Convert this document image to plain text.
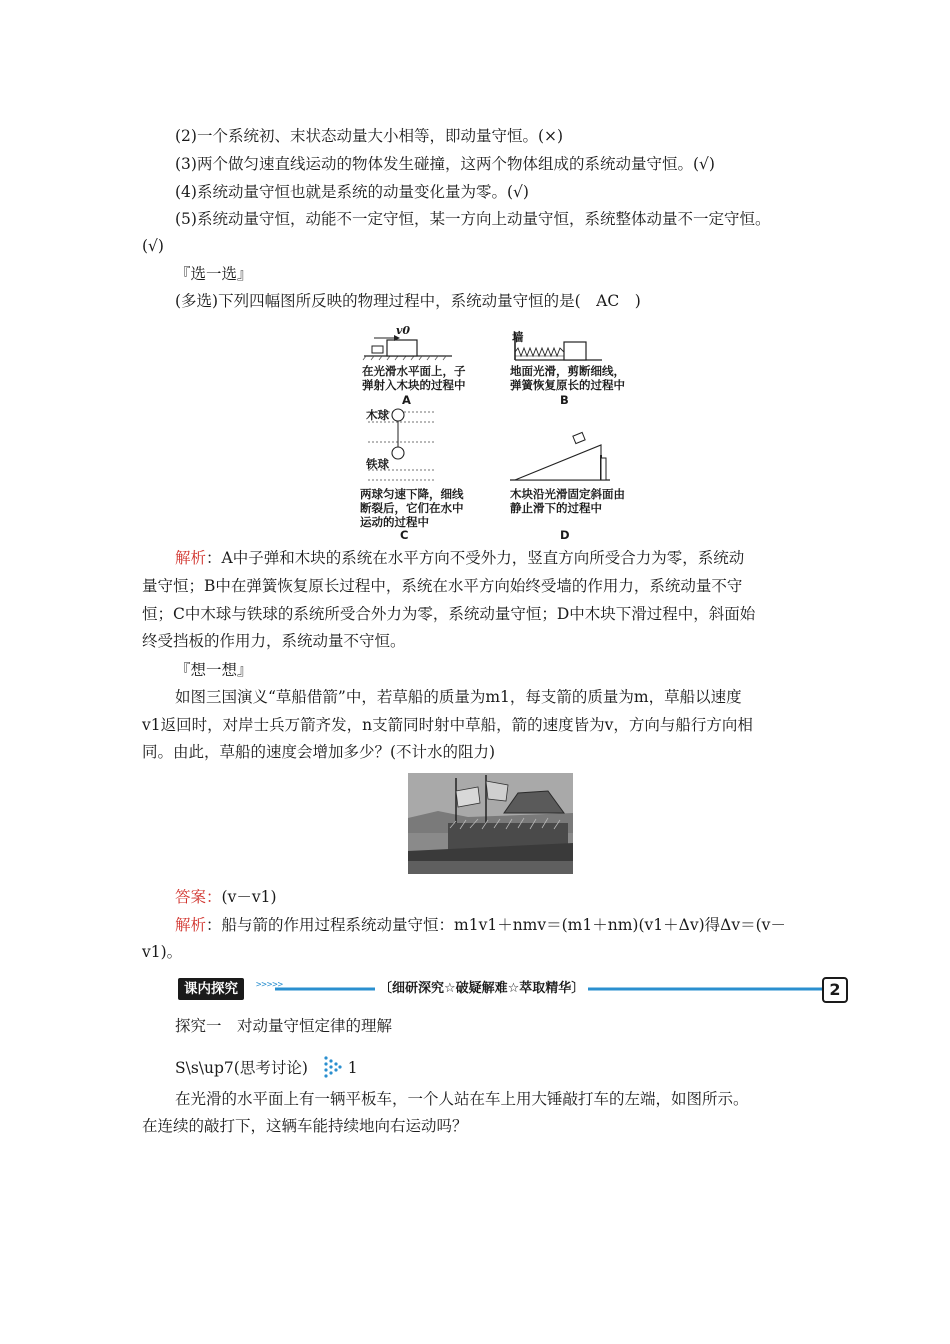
(2)一个系统初、末状态动量大小相等，即动量守恒。(×)
(3)两个做匀速直线运动的物体发生碰撞，这两个物体组成的系统动量守恒。(√)
(4)系统动量守恒也就是系统的动量变化量为零。(√)
(5)系统动量守恒，动能不一定守恒，某一方向上动量守恒，系统整体动量不一定守恒。
(√)
『选一选』
(多选)下列四幅图所反映的物理过程中，系统动量守恒的是(　AC　)
v0
在光滑水平面上，子
弹射入木块的过程中
A
墙
地面光滑，剪断细线，
弹簧恢复原长的过程中
B
木球
铁球
两球匀速下降，细线
断裂后，它们在水中
运动的过程中
C
木块沿光滑固定斜面由
静止滑下的过程中
D
解析：A中子弹和木块的系统在水平方向不受外力，竖直方向所受合力为零，系统动
量守恒；B中在弹簧恢复原长过程中，系统在水平方向始终受墙的作用力，系统动量不守
恒；C中木球与铁球的系统所受合外力为零，系统动量守恒；D中木块下滑过程中，斜面始
终受挡板的作用力，系统动量不守恒。
『想一想』
如图三国演义“草船借箭”中，若草船的质量为m1，每支箭的质量为m，草船以速度
v1返回时，对岸士兵万箭齐发，n支箭同时射中草船，箭的速度皆为v，方向与船行方向相
同。由此，草船的速度会增加多少？(不计水的阻力)
答案：(v－v1)
解析：船与箭的作用过程系统动量守恒：m1v1＋nmv＝(m1＋nm)(v1＋Δv)得Δv＝(v－
v1)。
课内探究	>>>>>	〔细研深究☆破疑解难☆萃取精华〕	2
探究一　对动量守恒定律的理解
S\s\up7(思考讨论)	1
在光滑的水平面上有一辆平板车，一个人站在车上用大锤敲打车的左端，如图所示。
在连续的敲打下，这辆车能持续地向右运动吗？
